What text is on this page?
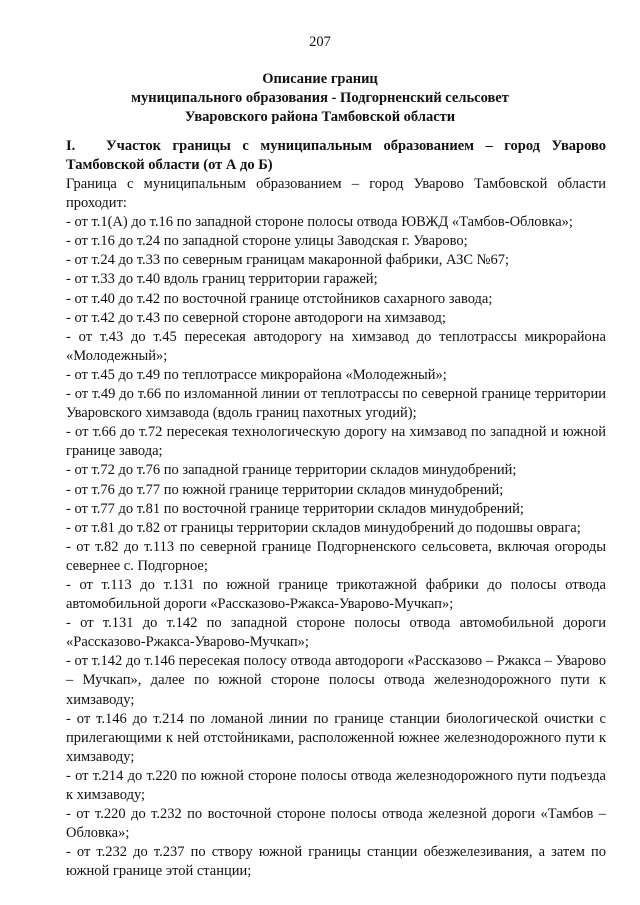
207
Описание границ
муниципального образования - Подгорненский сельсовет
Уваровского района Тамбовской области
I. Участок границы с муниципальным образованием – город Уварово Тамбовской области (от А до Б)

Граница с муниципальным образованием – город Уварово Тамбовской области проходит:

- от т.1(А) до т.16 по западной стороне полосы отвода ЮВЖД «Тамбов-Обловка»;
- от т.16 до т.24 по западной стороне улицы Заводская г. Уварово;
- от т.24 до т.33 по северным границам макаронной фабрики, АЗС №67;
- от т.33 до т.40 вдоль границ территории гаражей;
- от т.40 до т.42 по восточной границе отстойников сахарного завода;
- от т.42 до т.43 по северной стороне автодороги на химзавод;
- от т.43 до т.45 пересекая автодорогу на химзавод до теплотрассы микрорайона «Молодежный»;
- от т.45 до т.49 по теплотрассе микрорайона «Молодежный»;
- от т.49 до т.66 по изломанной линии от теплотрассы по северной границе территории Уваровского химзавода (вдоль границ пахотных угодий);
- от т.66 до т.72 пересекая технологическую дорогу на химзавод по западной и южной границе завода;
- от т.72 до т.76 по западной границе территории складов минудобрений;
- от т.76 до т.77 по южной границе территории складов минудобрений;
- от т.77 до т.81 по восточной границе территории складов минудобрений;
- от т.81 до т.82 от границы территории складов минудобрений до подошвы оврага;
- от т.82 до т.113 по северной границе Подгорненского сельсовета, включая огороды севернее с. Подгорное;
- от т.113 до т.131 по южной границе трикотажной фабрики до полосы отвода автомобильной дороги «Рассказово-Ржакса-Уварово-Мучкап»;
- от т.131 до т.142 по западной стороне полосы отвода автомобильной дороги «Рассказово-Ржакса-Уварово-Мучкап»;
- от т.142 до т.146 пересекая полосу отвода автодороги «Рассказово – Ржакса – Уварово – Мучкап», далее по южной стороне полосы отвода железнодорожного пути к химзаводу;
- от т.146 до т.214 по ломаной линии по границе станции биологической очистки с прилегающими к ней отстойниками, расположенной южнее железнодорожного пути к химзаводу;
- от т.214 до т.220 по южной стороне полосы отвода железнодорожного пути подъезда к химзаводу;
- от т.220 до т.232 по восточной стороне полосы отвода железной дороги «Тамбов – Обловка»;
- от т.232 до т.237 по створу южной границы станции обезжелезивания, а затем по южной границе этой станции;
